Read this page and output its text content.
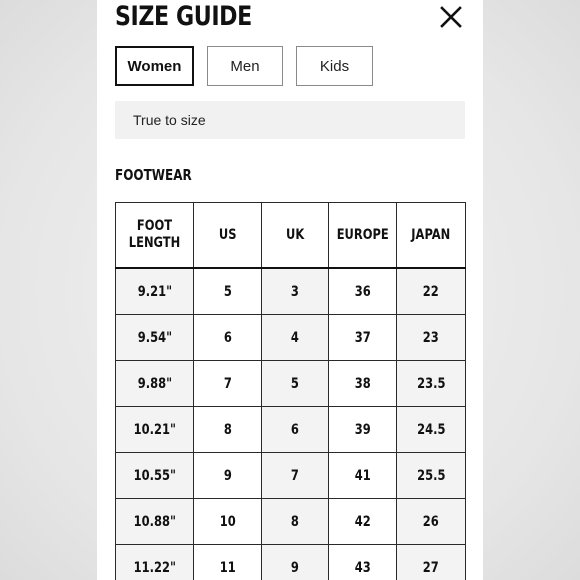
SIZE GUIDE
Women	Men	Kids
True to size
FOOTWEAR
FOOT LENGTH	US	UK	EUROPE	JAPAN
9.21"	5	3	36	22
9.54"	6	4	37	23
9.88"	7	5	38	23.5
10.21"	8	6	39	24.5
10.55"	9	7	41	25.5
10.88"	10	8	42	26
11.22"	11	9	43	27
